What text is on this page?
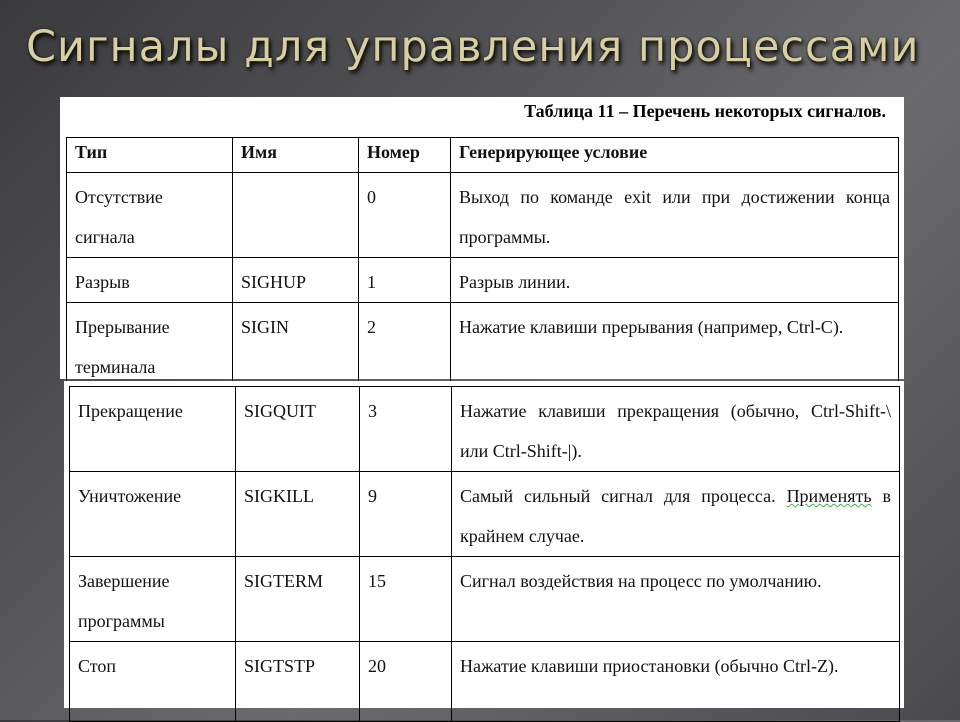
Сигналы для управления процессами
Таблица 11 – Перечень некоторых сигналов.
Тип	Имя	Номер	Генерирующее условие
Отсутствие сигнала		0	Выход по команде exit или при достижении конца программы.
Разрыв	SIGHUP	1	Разрыв линии.
Прерывание терминала	SIGIN	2	Нажатие клавиши прерывания (например, Ctrl-C).
Прекращение	SIGQUIT	3	Нажатие клавиши прекращения (обычно, Ctrl-Shift-\ или Ctrl-Shift-|).
Уничтожение	SIGKILL	9	Самый сильный сигнал для процесса. Применять в крайнем случае.
Завершение программы	SIGTERM	15	Сигнал воздействия на процесс по умолчанию.
Стоп	SIGTSTP	20	Нажатие клавиши приостановки (обычно Ctrl-Z).
